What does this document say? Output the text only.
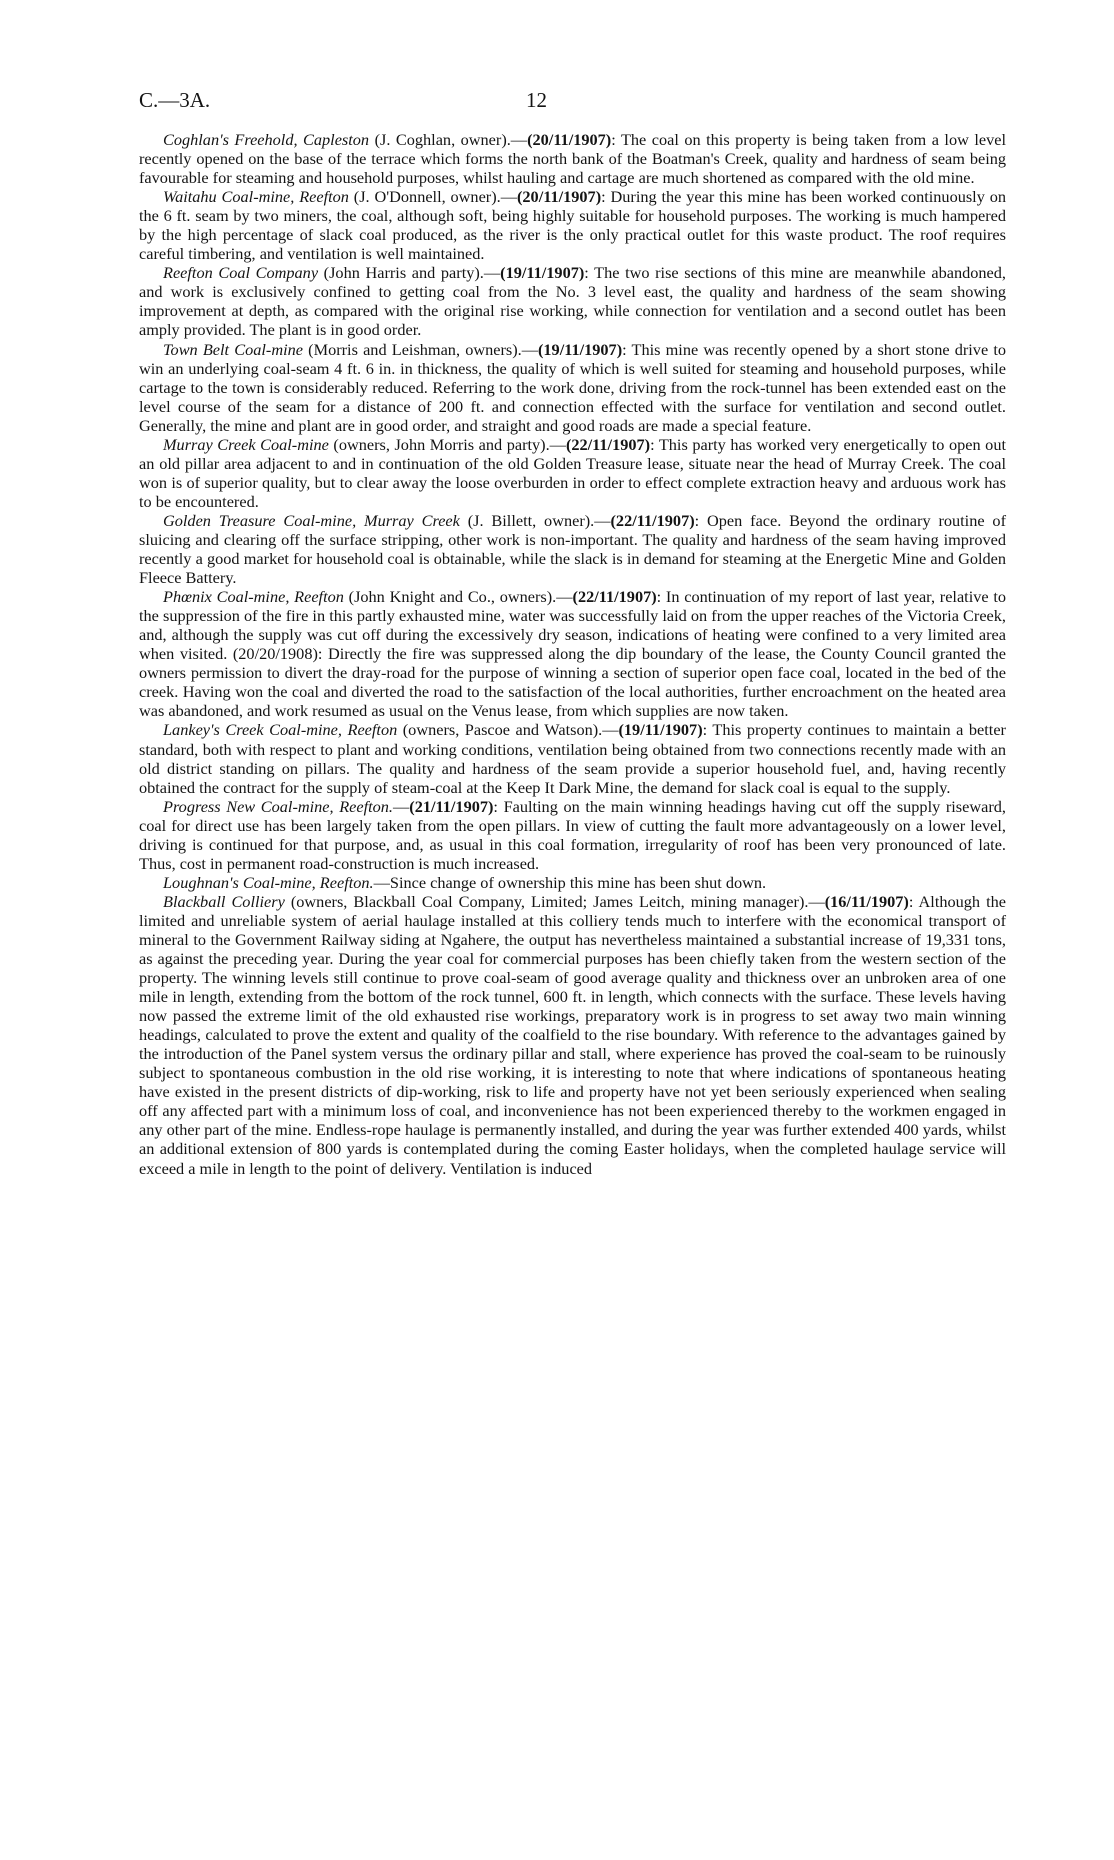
C.—3A.	12

Coghlan's Freehold, Capleston (J. Coghlan, owner).—(20/11/1907): The coal on this property is being taken from a low level recently opened on the base of the terrace which forms the north bank of the Boatman's Creek, quality and hardness of seam being favourable for steaming and household purposes, whilst hauling and cartage are much shortened as compared with the old mine.

Waitahu Coal-mine, Reefton (J. O'Donnell, owner).—(20/11/1907): During the year this mine has been worked continuously on the 6 ft. seam by two miners, the coal, although soft, being highly suitable for household purposes. The working is much hampered by the high percentage of slack coal produced, as the river is the only practical outlet for this waste product. The roof requires careful timbering, and ventilation is well maintained.

Reefton Coal Company (John Harris and party).—(19/11/1907): The two rise sections of this mine are meanwhile abandoned, and work is exclusively confined to getting coal from the No. 3 level east, the quality and hardness of the seam showing improvement at depth, as compared with the original rise working, while connection for ventilation and a second outlet has been amply provided. The plant is in good order.

Town Belt Coal-mine (Morris and Leishman, owners).—(19/11/1907): This mine was recently opened by a short stone drive to win an underlying coal-seam 4 ft. 6 in. in thickness, the quality of which is well suited for steaming and household purposes, while cartage to the town is considerably reduced. Referring to the work done, driving from the rock-tunnel has been extended east on the level course of the seam for a distance of 200 ft. and connection effected with the surface for ventilation and second outlet. Generally, the mine and plant are in good order, and straight and good roads are made a special feature.

Murray Creek Coal-mine (owners, John Morris and party).—(22/11/1907): This party has worked very energetically to open out an old pillar area adjacent to and in continuation of the old Golden Treasure lease, situate near the head of Murray Creek. The coal won is of superior quality, but to clear away the loose overburden in order to effect complete extraction heavy and arduous work has to be encountered.

Golden Treasure Coal-mine, Murray Creek (J. Billett, owner).—(22/11/1907): Open face. Beyond the ordinary routine of sluicing and clearing off the surface stripping, other work is non-important. The quality and hardness of the seam having improved recently a good market for household coal is obtainable, while the slack is in demand for steaming at the Energetic Mine and Golden Fleece Battery.

Phœnix Coal-mine, Reefton (John Knight and Co., owners).—(22/11/1907): In continuation of my report of last year, relative to the suppression of the fire in this partly exhausted mine, water was successfully laid on from the upper reaches of the Victoria Creek, and, although the supply was cut off during the excessively dry season, indications of heating were confined to a very limited area when visited. (20/20/1908): Directly the fire was suppressed along the dip boundary of the lease, the County Council granted the owners permission to divert the dray-road for the purpose of winning a section of superior open face coal, located in the bed of the creek. Having won the coal and diverted the road to the satisfaction of the local authorities, further encroachment on the heated area was abandoned, and work resumed as usual on the Venus lease, from which supplies are now taken.

Lankey's Creek Coal-mine, Reefton (owners, Pascoe and Watson).—(19/11/1907): This property continues to maintain a better standard, both with respect to plant and working conditions, ventilation being obtained from two connections recently made with an old district standing on pillars. The quality and hardness of the seam provide a superior household fuel, and, having recently obtained the contract for the supply of steam-coal at the Keep It Dark Mine, the demand for slack coal is equal to the supply.

Progress New Coal-mine, Reefton.—(21/11/1907): Faulting on the main winning headings having cut off the supply riseward, coal for direct use has been largely taken from the open pillars. In view of cutting the fault more advantageously on a lower level, driving is continued for that purpose, and, as usual in this coal formation, irregularity of roof has been very pronounced of late. Thus, cost in permanent road-construction is much increased.

Loughnan's Coal-mine, Reefton.—Since change of ownership this mine has been shut down.

Blackball Colliery (owners, Blackball Coal Company, Limited; James Leitch, mining manager).—(16/11/1907): Although the limited and unreliable system of aerial haulage installed at this colliery tends much to interfere with the economical transport of mineral to the Government Railway siding at Ngahere, the output has nevertheless maintained a substantial increase of 19,331 tons, as against the preceding year. During the year coal for commercial purposes has been chiefly taken from the western section of the property. The winning levels still continue to prove coal-seam of good average quality and thickness over an unbroken area of one mile in length, extending from the bottom of the rock tunnel, 600 ft. in length, which connects with the surface. These levels having now passed the extreme limit of the old exhausted rise workings, preparatory work is in progress to set away two main winning headings, calculated to prove the extent and quality of the coalfield to the rise boundary. With reference to the advantages gained by the introduction of the Panel system versus the ordinary pillar and stall, where experience has proved the coal-seam to be ruinously subject to spontaneous combustion in the old rise working, it is interesting to note that where indications of spontaneous heating have existed in the present districts of dip-working, risk to life and property have not yet been seriously experienced when sealing off any affected part with a minimum loss of coal, and inconvenience has not been experienced thereby to the workmen engaged in any other part of the mine. Endless-rope haulage is permanently installed, and during the year was further extended 400 yards, whilst an additional extension of 800 yards is contemplated during the coming Easter holidays, when the completed haulage service will exceed a mile in length to the point of delivery. Ventilation is induced
